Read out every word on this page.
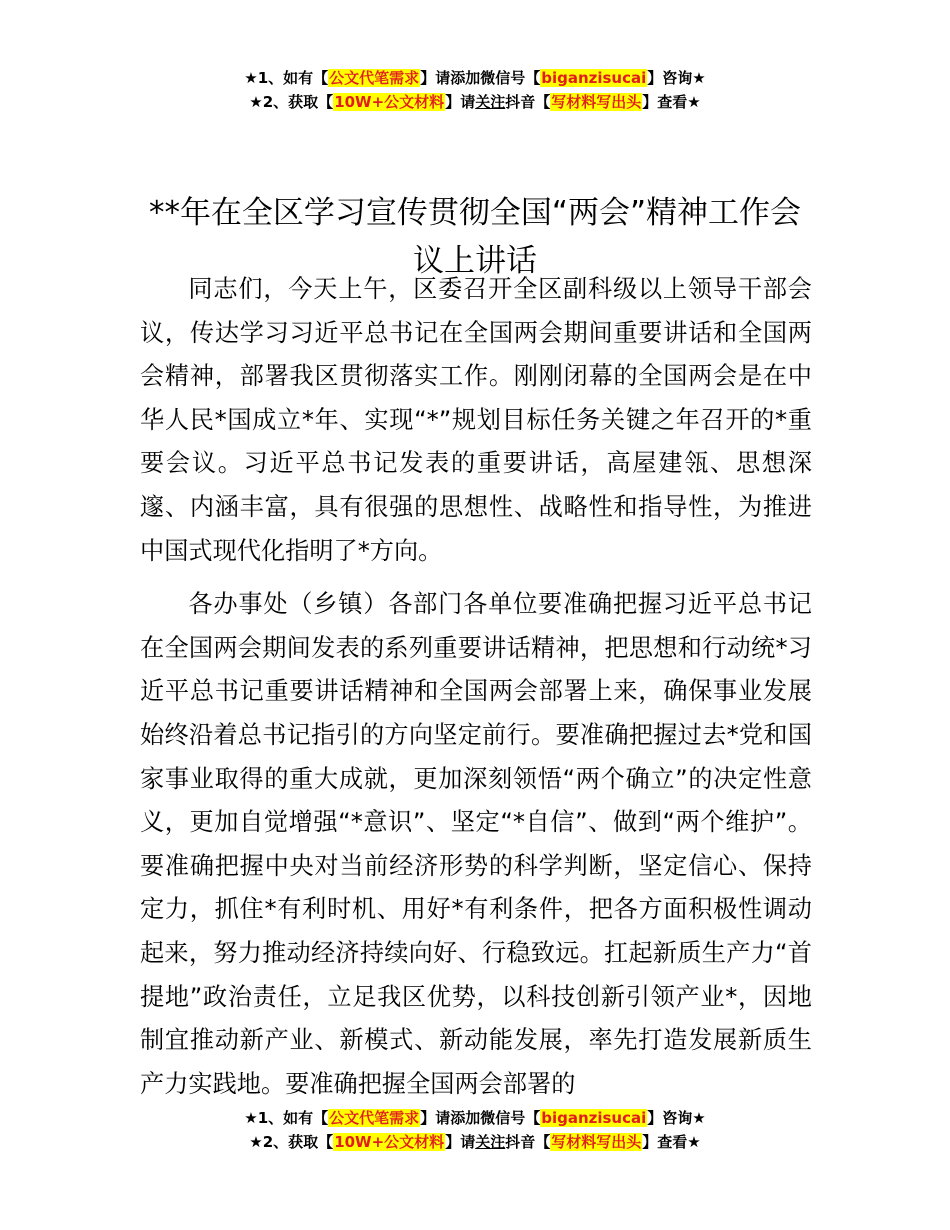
★1、如有【公文代笔需求】请添加微信号【biganzisucai】咨询★
★2、获取【10W+公文材料】请关注抖音【写材料写出头】查看★
**年在全区学习宣传贯彻全国“两会”精神工作会议上讲话

同志们，今天上午，区委召开全区副科级以上领导干部会议，传达学习习近平总书记在全国两会期间重要讲话和全国两会精神，部署我区贯彻落实工作。刚刚闭幕的全国两会是在中华人民*国成立*年、实现“*”规划目标任务关键之年召开的*重要会议。习近平总书记发表的重要讲话，高屋建瓴、思想深邃、内涵丰富，具有很强的思想性、战略性和指导性，为推进中国式现代化指明了*方向。

各办事处（乡镇）各部门各单位要准确把握习近平总书记在全国两会期间发表的系列重要讲话精神，把思想和行动统*习近平总书记重要讲话精神和全国两会部署上来，确保事业发展始终沿着总书记指引的方向坚定前行。要准确把握过去*党和国家事业取得的重大成就，更加深刻领悟“两个确立”的决定性意义，更加自觉增强“*意识”、坚定“*自信”、做到“两个维护”。要准确把握中央对当前经济形势的科学判断，坚定信心、保持定力，抓住*有利时机、用好*有利条件，把各方面积极性调动起来，努力推动经济持续向好、行稳致远。扛起新质生产力“首提地”政治责任，立足我区优势，以科技创新引领产业*，因地制宜推动新产业、新模式、新动能发展，率先打造发展新质生产力实践地。要准确把握全国两会部署的

★1、如有【公文代笔需求】请添加微信号【biganzisucai】咨询★
★2、获取【10W+公文材料】请关注抖音【写材料写出头】查看★
